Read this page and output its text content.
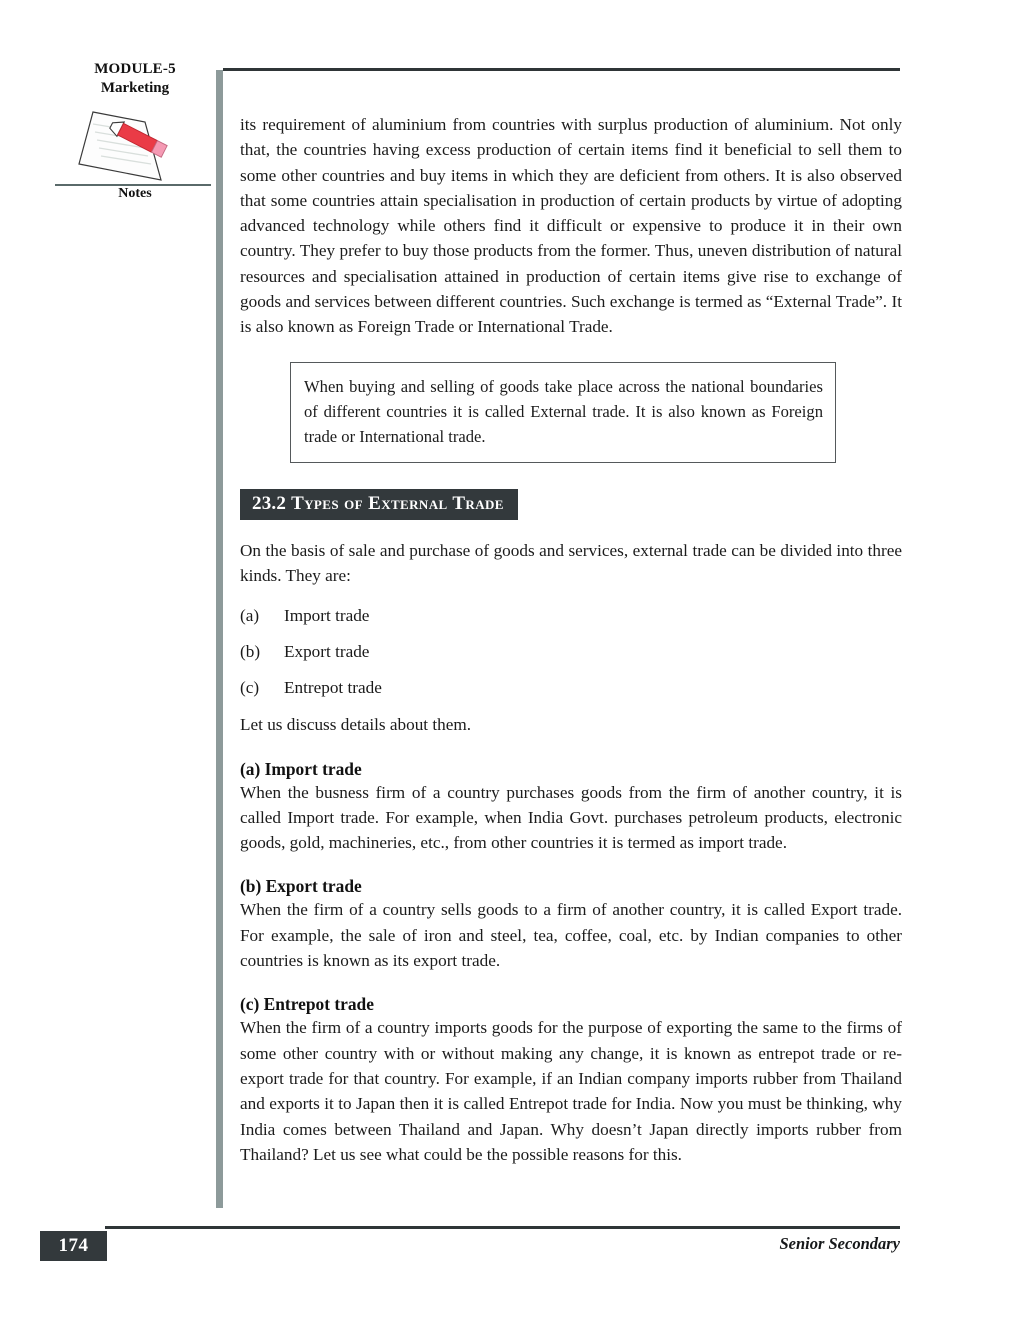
MODULE-5
Marketing
Notes

its requirement of aluminium from countries with surplus production of aluminium. Not only that, the countries having excess production of certain items find it beneficial to sell them to some other countries and buy items in which they are deficient from others. It is also observed that some countries attain specialisation in production of certain products by virtue of adopting advanced technology while others find it difficult or expensive to produce it in their own country. They prefer to buy those products from the former. Thus, uneven distribution of natural resources and specialisation attained in production of certain items give rise to exchange of goods and services between different countries. Such exchange is termed as “External Trade”. It is also known as Foreign Trade or International Trade.

When buying and selling of goods take place across the national boundaries of different countries it is called External trade. It is also known as Foreign trade or International trade.

23.2 Types of External Trade

On the basis of sale and purchase of goods and services, external trade can be divided into three kinds. They are:

(a)	Import trade
(b)	Export trade
(c)	Entrepot trade

Let us discuss details about them.

(a) Import trade

When the busness firm of a country purchases goods from the firm of another country, it is called Import trade. For example, when India Govt. purchases petroleum products, electronic goods, gold, machineries, etc., from other countries it is termed as import trade.

(b) Export trade

When the firm of a country sells goods to a firm of another country, it is called Export trade. For example, the sale of iron and steel, tea, coffee, coal, etc. by Indian companies to other countries is known as its export trade.

(c) Entrepot trade

When the firm of a country imports goods for the purpose of exporting the same to the firms of some other country with or without making any change, it is known as entrepot trade or re-export trade for that country. For example, if an Indian company imports rubber from Thailand and exports it to Japan then it is called Entrepot trade for India. Now you must be thinking, why India comes between Thailand and Japan. Why doesn’t Japan directly imports rubber from Thailand? Let us see what could be the possible reasons for this.

174	Senior Secondary
